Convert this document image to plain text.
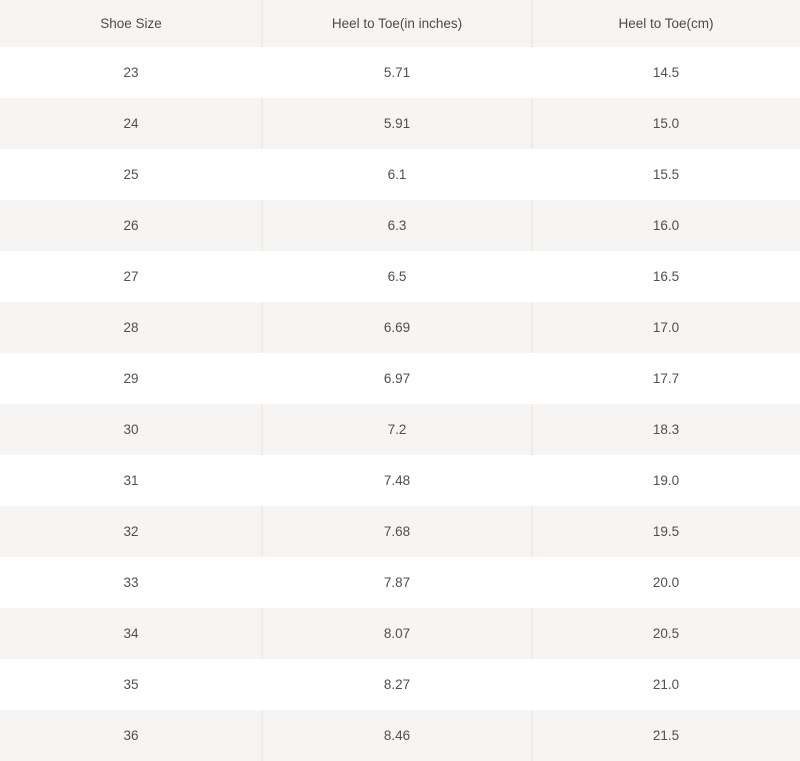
Shoe Size	Heel to Toe(in inches)	Heel to Toe(cm)
23	5.71	14.5
24	5.91	15.0
25	6.1	15.5
26	6.3	16.0
27	6.5	16.5
28	6.69	17.0
29	6.97	17.7
30	7.2	18.3
31	7.48	19.0
32	7.68	19.5
33	7.87	20.0
34	8.07	20.5
35	8.27	21.0
36	8.46	21.5
